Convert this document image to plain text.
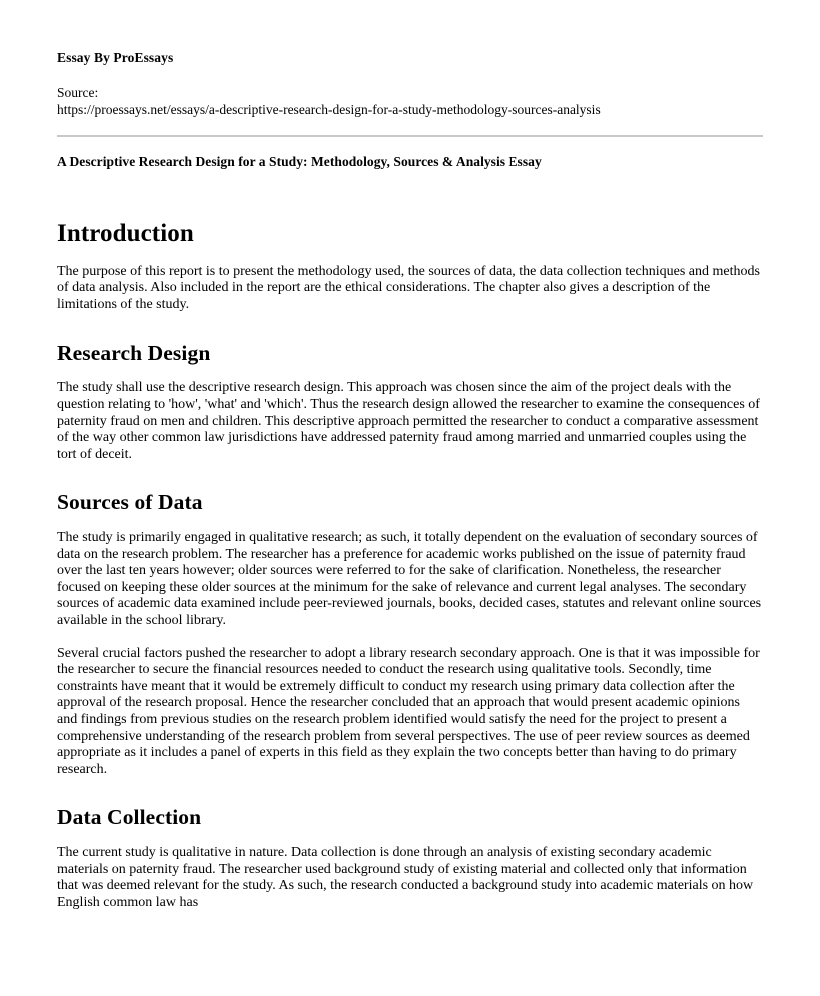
Essay By ProEssays
Source:
https://proessays.net/essays/a-descriptive-research-design-for-a-study-methodology-sources-analysis
A Descriptive Research Design for a Study: Methodology, Sources & Analysis Essay
Introduction

The purpose of this report is to present the methodology used, the sources of data, the data collection techniques and methods of data analysis. Also included in the report are the ethical considerations. The chapter also gives a description of the limitations of the study.

Research Design

The study shall use the descriptive research design. This approach was chosen since the aim of the project deals with the question relating to 'how', 'what' and 'which'. Thus the research design allowed the researcher to examine the consequences of paternity fraud on men and children. This descriptive approach permitted the researcher to conduct a comparative assessment of the way other common law jurisdictions have addressed paternity fraud among married and unmarried couples using the tort of deceit.

Sources of Data

The study is primarily engaged in qualitative research; as such, it totally dependent on the evaluation of secondary sources of data on the research problem. The researcher has a preference for academic works published on the issue of paternity fraud over the last ten years however; older sources were referred to for the sake of clarification. Nonetheless, the researcher focused on keeping these older sources at the minimum for the sake of relevance and current legal analyses. The secondary sources of academic data examined include peer-reviewed journals, books, decided cases, statutes and relevant online sources available in the school library.

Several crucial factors pushed the researcher to adopt a library research secondary approach. One is that it was impossible for the researcher to secure the financial resources needed to conduct the research using qualitative tools. Secondly, time constraints have meant that it would be extremely difficult to conduct my research using primary data collection after the approval of the research proposal. Hence the researcher concluded that an approach that would present academic opinions and findings from previous studies on the research problem identified would satisfy the need for the project to present a comprehensive understanding of the research problem from several perspectives. The use of peer review sources as deemed appropriate as it includes a panel of experts in this field as they explain the two concepts better than having to do primary research.

Data Collection

The current study is qualitative in nature. Data collection is done through an analysis of existing secondary academic materials on paternity fraud. The researcher used background study of existing material and collected only that information that was deemed relevant for the study. As such, the research conducted a background study into academic materials on how English common law has
